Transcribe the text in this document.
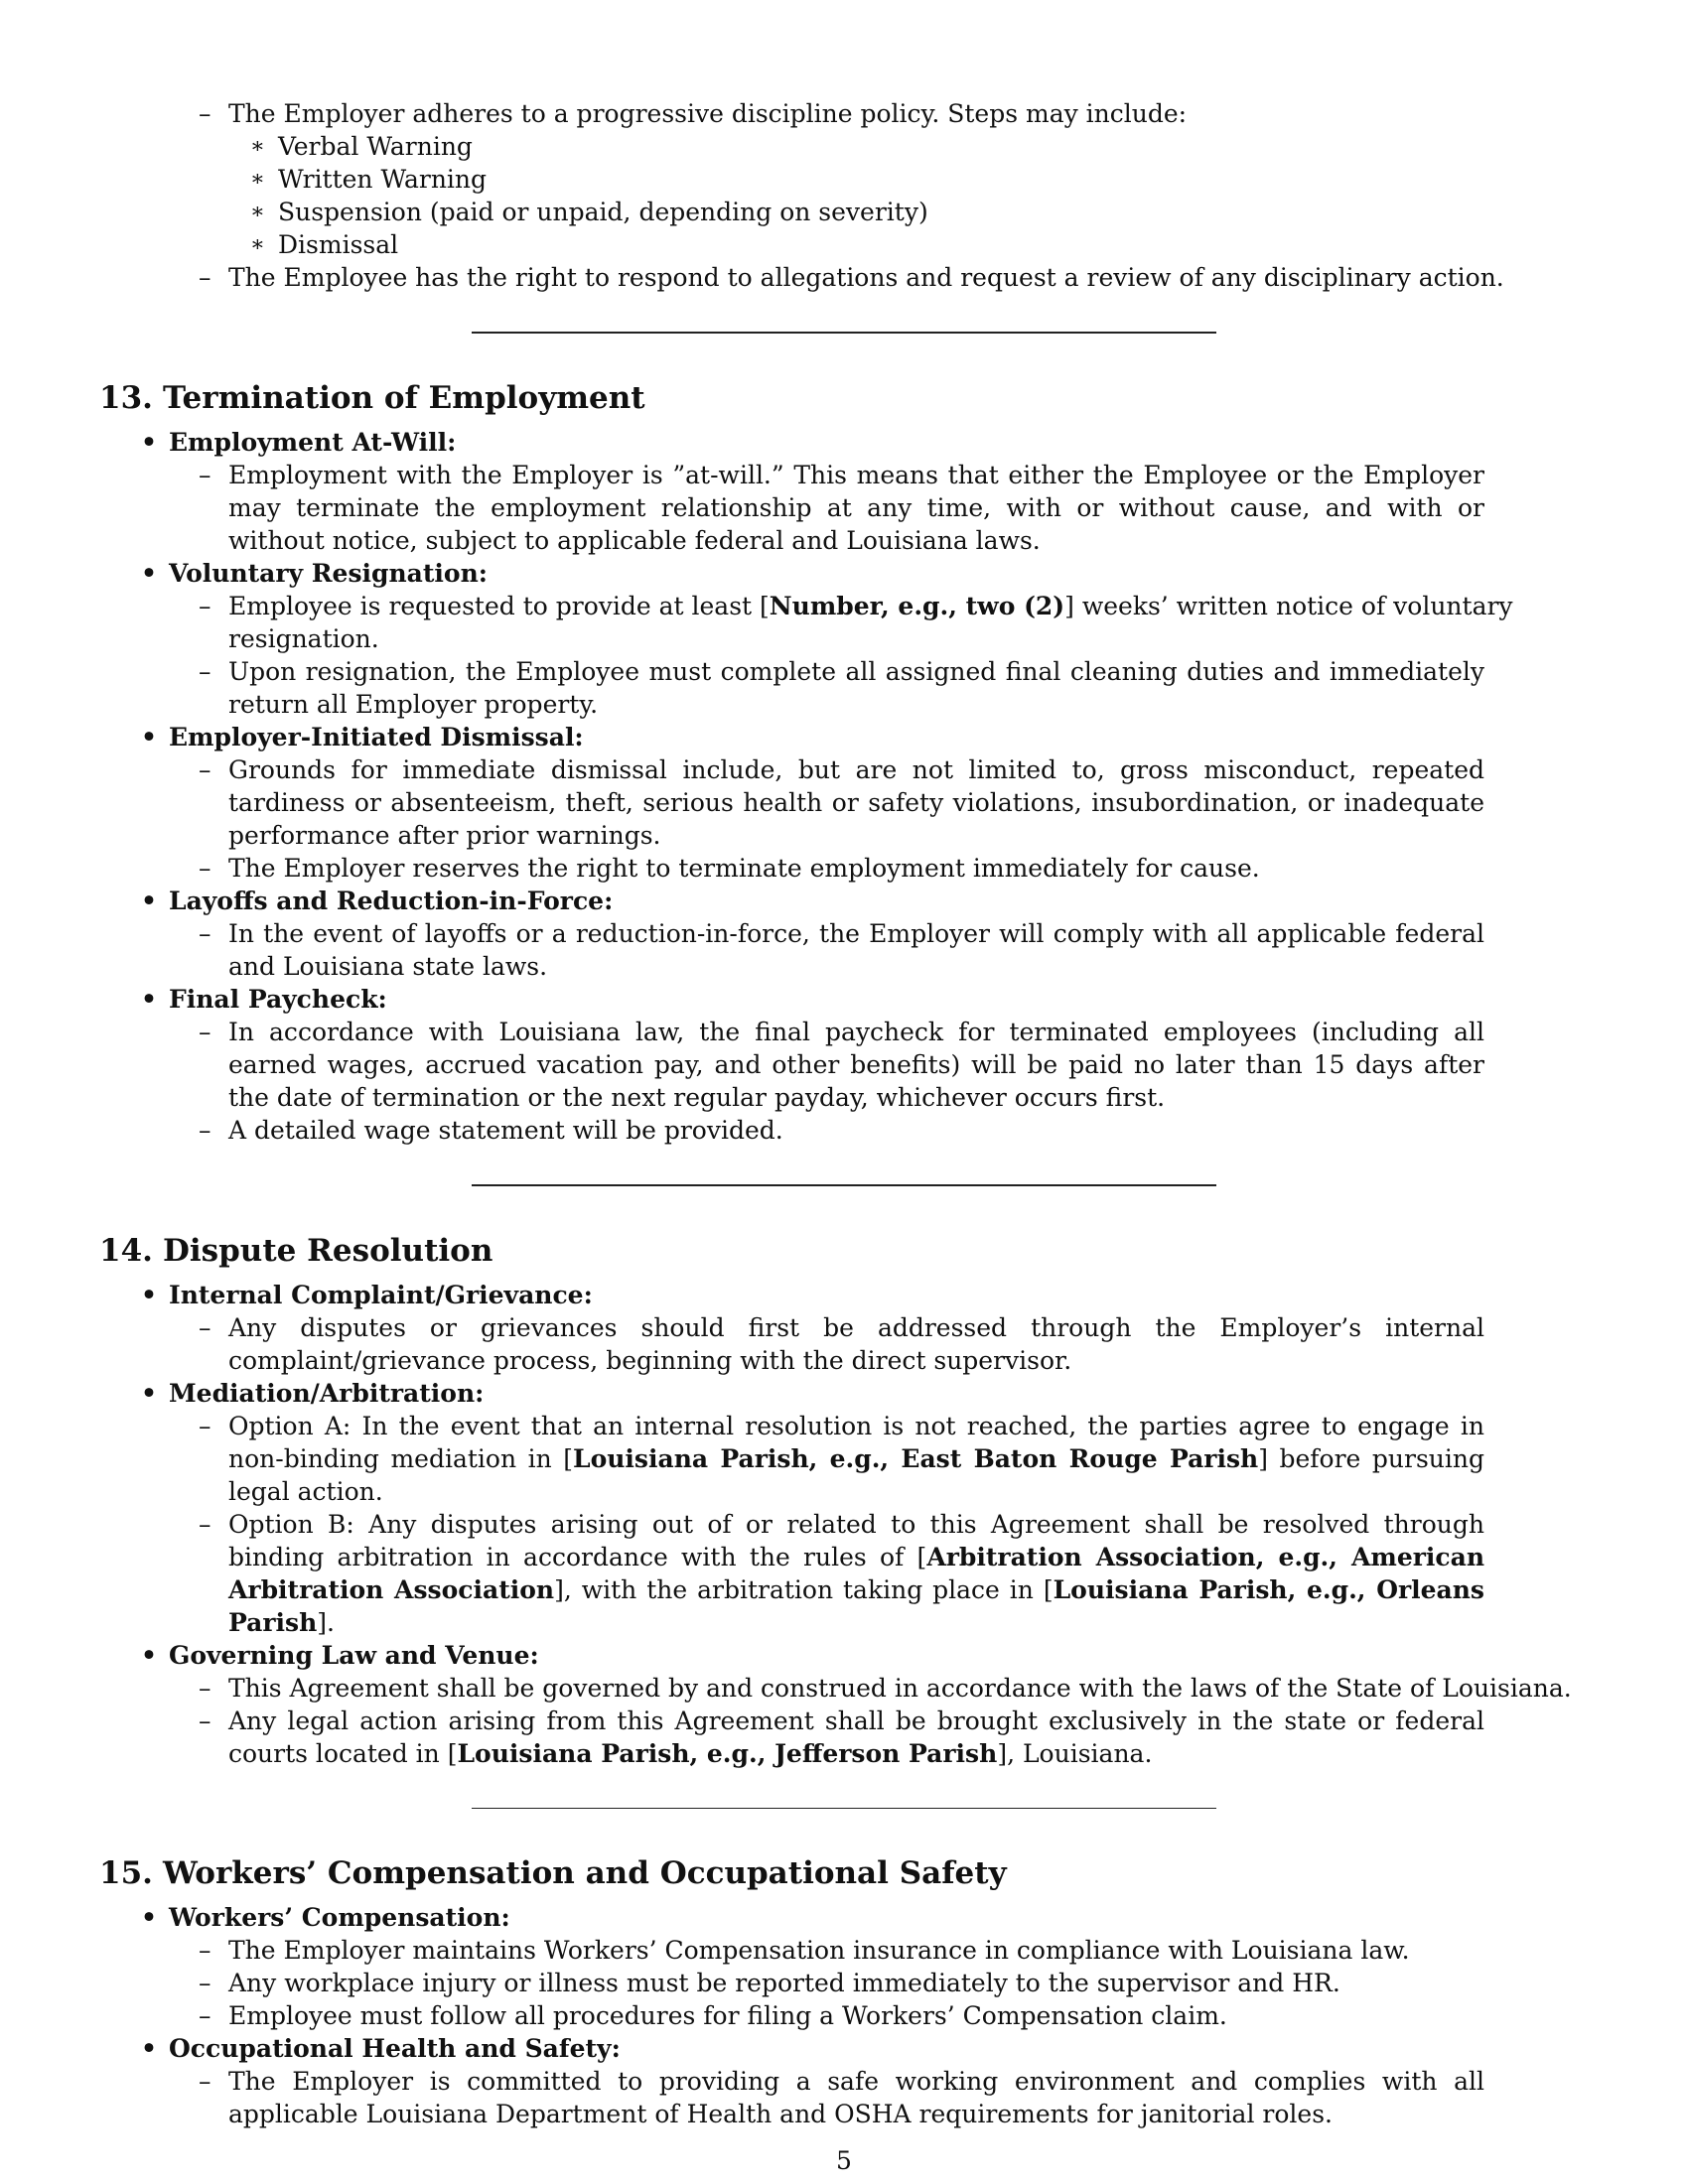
– The Employer adheres to a progressive discipline policy. Steps may include:
∗ Verbal Warning
∗ Written Warning
∗ Suspension (paid or unpaid, depending on severity)
∗ Dismissal
– The Employee has the right to respond to allegations and request a review of any disciplinary action.
13. Termination of Employment
• Employment At-Will:
– Employment with the Employer is ”at-will.” This means that either the Employee or the Employer may terminate the employment relationship at any time, with or without cause, and with or without notice, subject to applicable federal and Louisiana laws.
• Voluntary Resignation:
– Employee is requested to provide at least [Number, e.g., two (2)] weeks’ written notice of voluntary resignation.
– Upon resignation, the Employee must complete all assigned final cleaning duties and immediately return all Employer property.
• Employer-Initiated Dismissal:
– Grounds for immediate dismissal include, but are not limited to, gross misconduct, repeated tardiness or absenteeism, theft, serious health or safety violations, insubordination, or inadequate performance after prior warnings.
– The Employer reserves the right to terminate employment immediately for cause.
• Layoffs and Reduction-in-Force:
– In the event of layoffs or a reduction-in-force, the Employer will comply with all applicable federal and Louisiana state laws.
• Final Paycheck:
– In accordance with Louisiana law, the final paycheck for terminated employees (including all earned wages, accrued vacation pay, and other benefits) will be paid no later than 15 days after the date of termination or the next regular payday, whichever occurs first.
– A detailed wage statement will be provided.
14. Dispute Resolution
• Internal Complaint/Grievance:
– Any disputes or grievances should first be addressed through the Employer’s internal complaint/grievance process, beginning with the direct supervisor.
• Mediation/Arbitration:
– Option A: In the event that an internal resolution is not reached, the parties agree to engage in non-binding mediation in [Louisiana Parish, e.g., East Baton Rouge Parish] before pursuing legal action.
– Option B: Any disputes arising out of or related to this Agreement shall be resolved through binding arbitration in accordance with the rules of [Arbitration Association, e.g., American Arbitration Association], with the arbitration taking place in [Louisiana Parish, e.g., Orleans Parish].
• Governing Law and Venue:
– This Agreement shall be governed by and construed in accordance with the laws of the State of Louisiana.
– Any legal action arising from this Agreement shall be brought exclusively in the state or federal courts located in [Louisiana Parish, e.g., Jefferson Parish], Louisiana.
15. Workers’ Compensation and Occupational Safety
• Workers’ Compensation:
– The Employer maintains Workers’ Compensation insurance in compliance with Louisiana law.
– Any workplace injury or illness must be reported immediately to the supervisor and HR.
– Employee must follow all procedures for filing a Workers’ Compensation claim.
• Occupational Health and Safety:
– The Employer is committed to providing a safe working environment and complies with all applicable Louisiana Department of Health and OSHA requirements for janitorial roles.
5
